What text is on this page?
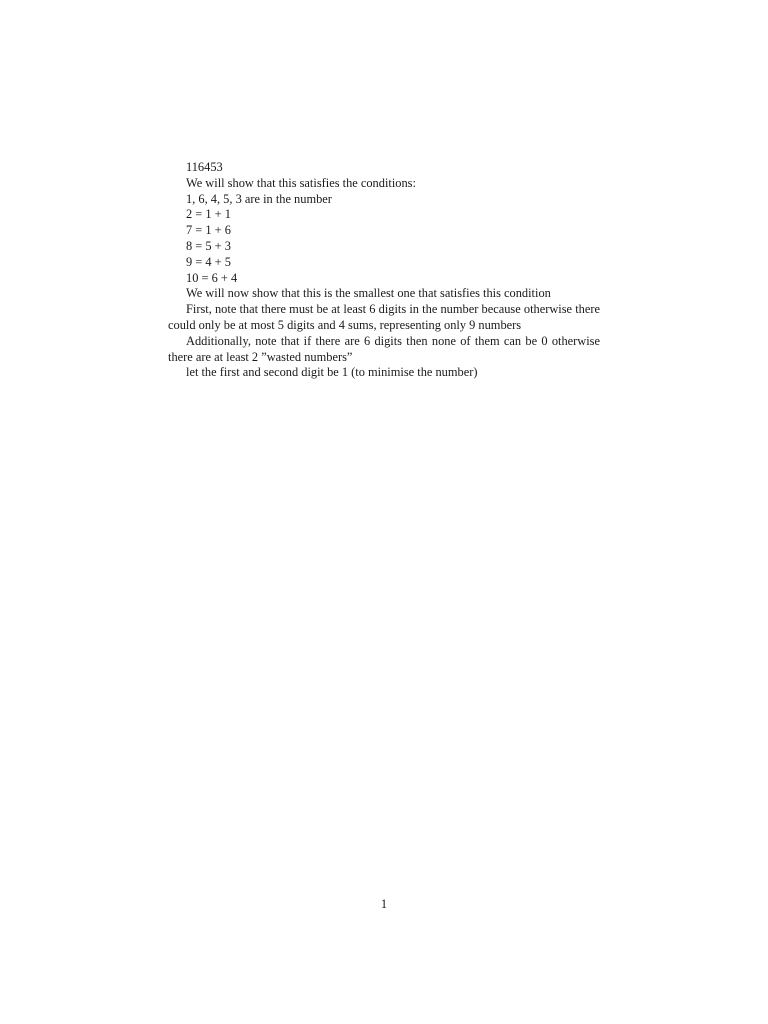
116453

We will show that this satisfies the conditions:

1, 6, 4, 5, 3 are in the number

2 = 1 + 1

7 = 1 + 6

8 = 5 + 3

9 = 4 + 5

10 = 6 + 4

We will now show that this is the smallest one that satisfies this condition

First, note that there must be at least 6 digits in the number because otherwise there could only be at most 5 digits and 4 sums, representing only 9 numbers

Additionally, note that if there are 6 digits then none of them can be 0 otherwise there are at least 2 ”wasted numbers”

let the first and second digit be 1 (to minimise the number)

1
